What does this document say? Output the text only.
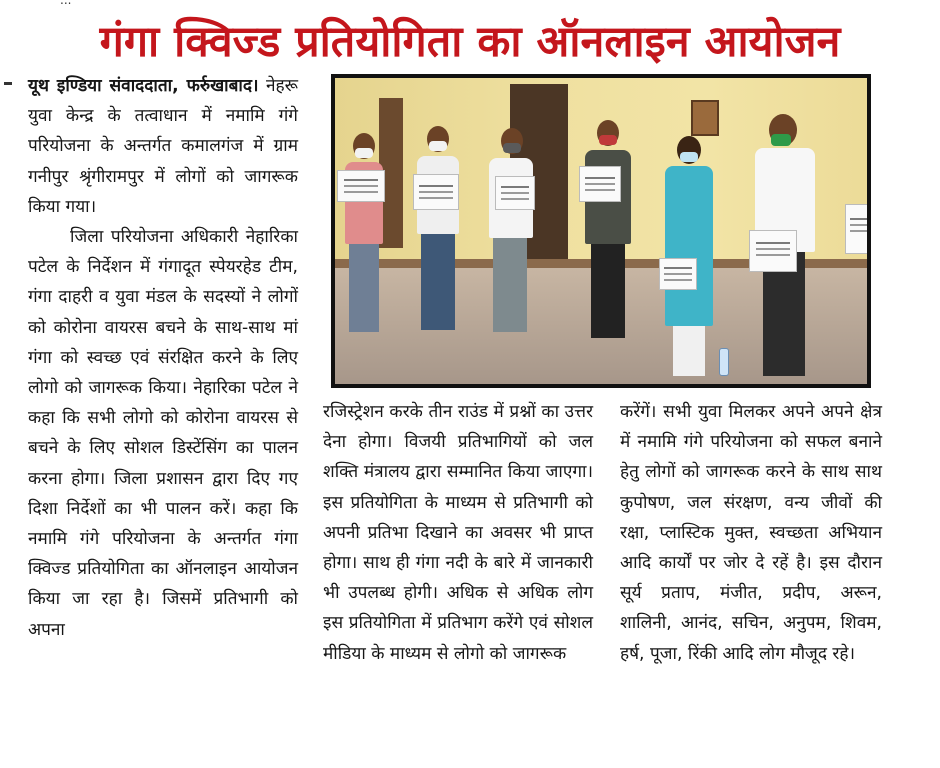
...
गंगा क्विज्ड प्रतियोगिता का ऑनलाइन आयोजन

यूथ इण्डिया संवाददाता, फर्रुखाबाद। नेहरू युवा केन्द्र के तत्वाधान में नमामि गंगे परियोजना के अन्तर्गत कमालगंज में ग्राम गनीपुर श्रृंगीरामपुर में लोगों को जागरूक किया गया।

जिला परियोजना अधिकारी नेहारिका पटेल के निर्देशन में गंगादूत स्पेयरहेड टीम, गंगा दाहरी व युवा मंडल के सदस्यों ने लोगों को कोरोना वायरस बचने के साथ-साथ मां गंगा को स्वच्छ एवं संरक्षित करने के लिए लोगो को जागरूक किया। नेहारिका पटेल ने कहा कि सभी लोगो को कोरोना वायरस से बचने के लिए सोशल डिस्टेंसिंग का पालन करना होगा। जिला प्रशासन द्वारा दिए गए दिशा निर्देशों का भी पालन करें। कहा कि नमामि गंगे परियोजना के अन्तर्गत गंगा क्विज्ड प्रतियोगिता का ऑनलाइन आयोजन किया जा रहा है। जिसमें प्रतिभागी को अपना

रजिस्ट्रेशन करके तीन राउंड में प्रश्नों का उत्तर देना होगा। विजयी प्रतिभागियों को जल शक्ति मंत्रालय द्वारा सम्मानित किया जाएगा। इस प्रतियोगिता के माध्यम से प्रतिभागी को अपनी प्रतिभा दिखाने का अवसर भी प्राप्त होगा। साथ ही गंगा नदी के बारे में जानकारी भी उपलब्ध होगी। अधिक से अधिक लोग इस प्रतियोगिता में प्रतिभाग करेंगे एवं सोशल मीडिया के माध्यम से लोगो को जागरूक

करेंगें। सभी युवा मिलकर अपने अपने क्षेत्र में नमामि गंगे परियोजना को सफल बनाने हेतु लोगों को जागरूक करने के साथ साथ कुपोषण, जल संरक्षण, वन्य जीवों की रक्षा, प्लास्टिक मुक्त, स्वच्छता अभियान आदि कार्यों पर जोर दे रहें है। इस दौरान सूर्य प्रताप, मंजीत, प्रदीप, अरून, शालिनी, आनंद, सचिन, अनुपम, शिवम, हर्ष, पूजा, रिंकी आदि लोग मौजूद रहे।
